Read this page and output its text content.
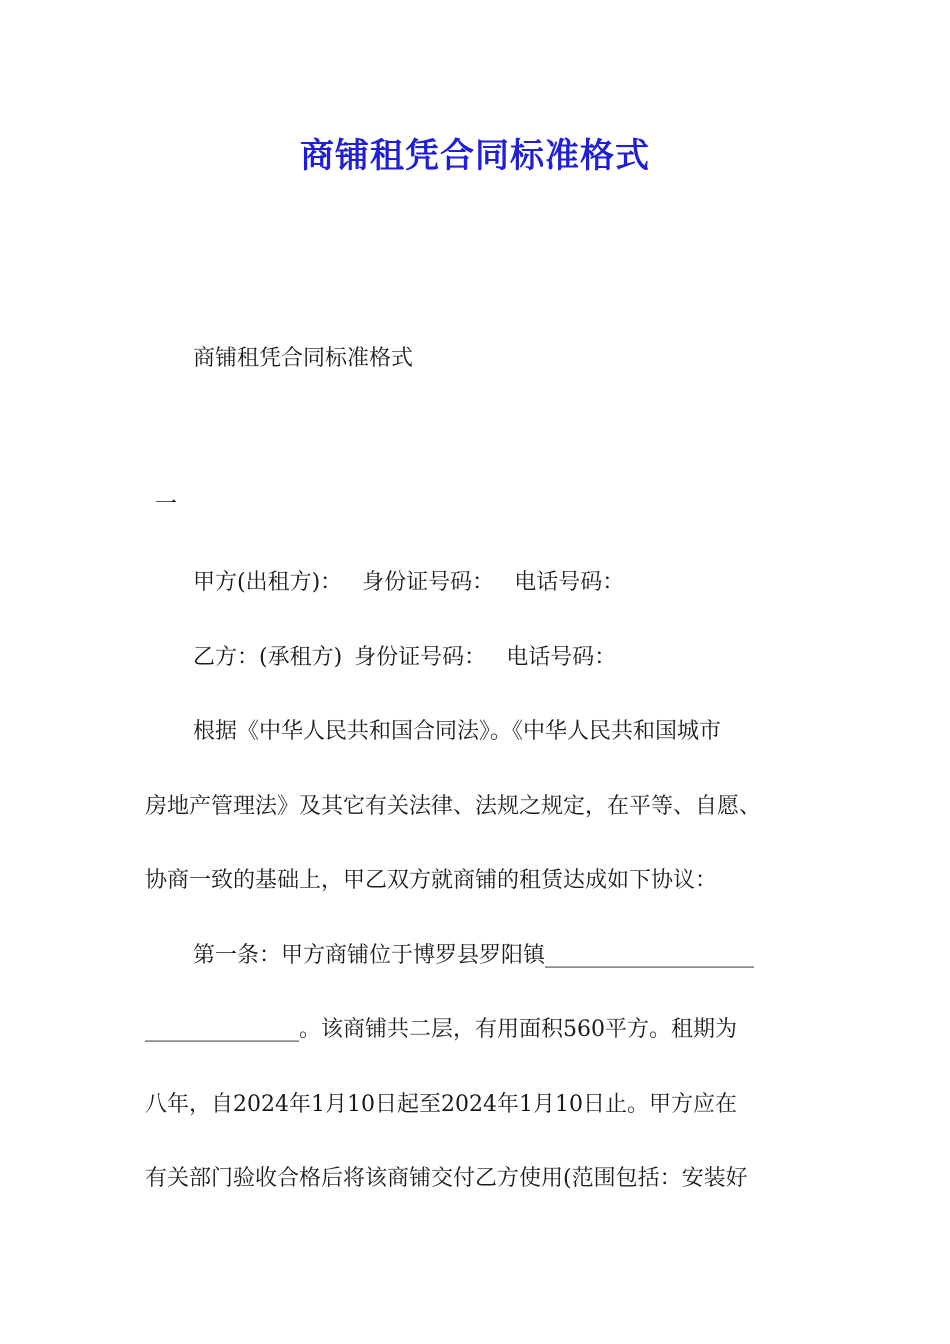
商铺租凭合同标准格式
商铺租凭合同标准格式
一
甲方(出租方)： 身份证号码： 电话号码：
乙方：(承租方) 身份证号码： 电话号码：
根据《中华人民共和国合同法》。《中华人民共和国城市
房地产管理法》及其它有关法律、法规之规定，在平等、自愿、
协商一致的基础上，甲乙双方就商铺的租赁达成如下协议：
第一条：甲方商铺位于博罗县罗阳镇___________________
______________。该商铺共二层，有用面积560平方。租期为
八年，自2024年1月10日起至2024年1月10日止。甲方应在
有关部门验收合格后将该商铺交付乙方使用(范围包括：安装好
